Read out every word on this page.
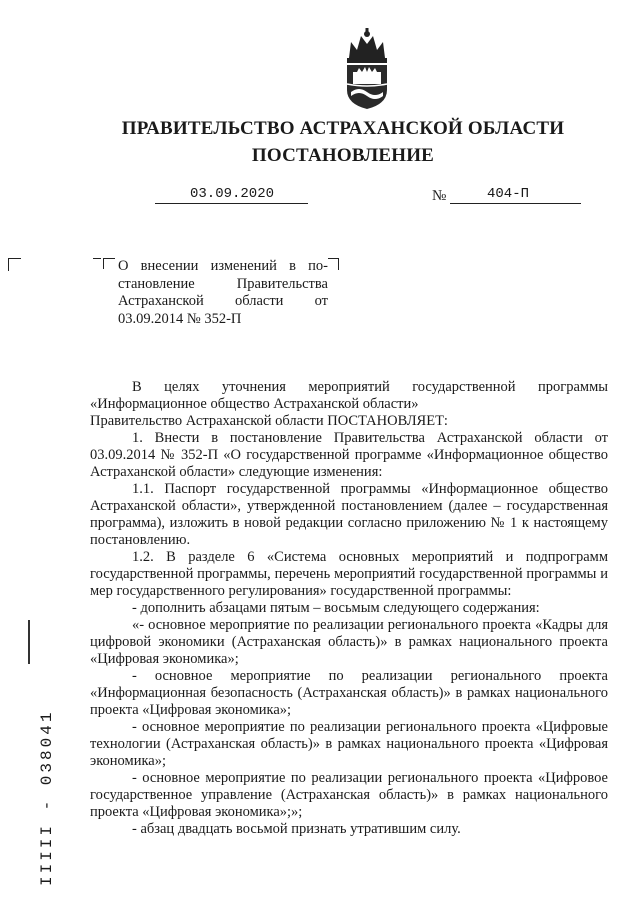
ПРАВИТЕЛЬСТВО АСТРАХАНСКОЙ ОБЛАСТИ
ПОСТАНОВЛЕНИЕ
03.09.2020	№	404-П

О внесении изменений в по-

становление Правительства

Астраханской области от

03.09.2014 № 352-П

В целях уточнения мероприятий государственной программы «Информационное общество Астраханской области»

Правительство Астраханской области ПОСТАНОВЛЯЕТ:

1. Внести в постановление Правительства Астраханской области от 03.09.2014 № 352-П «О государственной программе «Информационное общество Астраханской области» следующие изменения:

1.1. Паспорт государственной программы «Информационное общество Астраханской области», утвержденной постановлением (далее – государственная программа), изложить в новой редакции согласно приложению № 1 к настоящему постановлению.

1.2. В разделе 6 «Система основных мероприятий и подпрограмм государственной программы, перечень мероприятий государственной программы и мер государственного регулирования» государственной программы:

- дополнить абзацами пятым – восьмым следующего содержания:

«- основное мероприятие по реализации регионального проекта «Кадры для цифровой экономики (Астраханская область)» в рамках национального проекта «Цифровая экономика»;

- основное мероприятие по реализации регионального проекта «Информационная безопасность (Астраханская область)» в рамках национального проекта «Цифровая экономика»;

- основное мероприятие по реализации регионального проекта «Цифровые технологии (Астраханская область)» в рамках национального проекта «Цифровая экономика»;

- основное мероприятие по реализации регионального проекта «Цифровое государственное управление (Астраханская область)» в рамках национального проекта «Цифровая экономика»;»;

- абзац двадцать восьмой признать утратившим силу.

ІІІІІ - 038041
